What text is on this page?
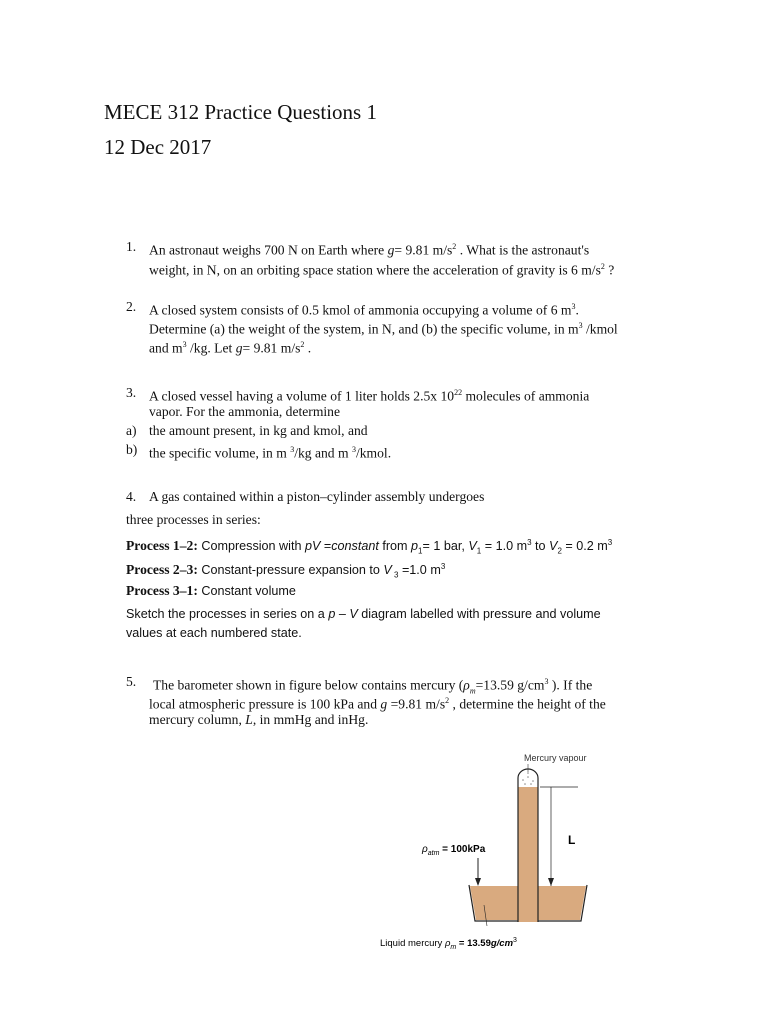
MECE 312 Practice Questions 1
12 Dec 2017
1. An astronaut weighs 700 N on Earth where g= 9.81 $m/s^2$ . What is the astronaut's
weight, in N, on an orbiting space station where the acceleration of gravity is 6 $m/s^2$ ?
2. A closed system consists of 0.5 kmol of ammonia occupying a volume of 6 $m^3$.
Determine (a) the weight of the system, in N, and (b) the specific volume, in $m^3$ /kmol
and $m^3$ /kg. Let g= 9.81 $m/s^2$ .
3. A closed vessel having a volume of 1 liter holds 2.5x $10^{22}$ molecules of ammonia
vapor. For the ammonia, determine
a) the amount present, in kg and kmol, and
b) the specific volume, in m $^3$/kg and m $^3$/kmol.
4. A gas contained within a piston–cylinder assembly undergoes
three processes in series:
Process 1–2: Compression with pV =constant from $p_1= 1$ bar, $V_1 = 1.0$ $m^3$ to $V_2 = 0.2$ $m^3$
Process 2–3: Constant-pressure expansion to V $_3$ =1.0 $m^3$
Process 3–1: Constant volume
Sketch the processes in series on a p – V diagram labelled with pressure and volume
values at each numbered state.
5. The barometer shown in figure below contains mercury ($\rho_m=13.59$ $g/cm^3$ ). If the
local atmospheric pressure is 100 kPa and g =9.81 $m/s^2$ , determine the height of the
mercury column, L, in mmHg and inHg.
Mercury vapour
L
$\rho_{atm} = 100kPa$
Liquid mercury $\rho_m = 13.59g/cm^3$
